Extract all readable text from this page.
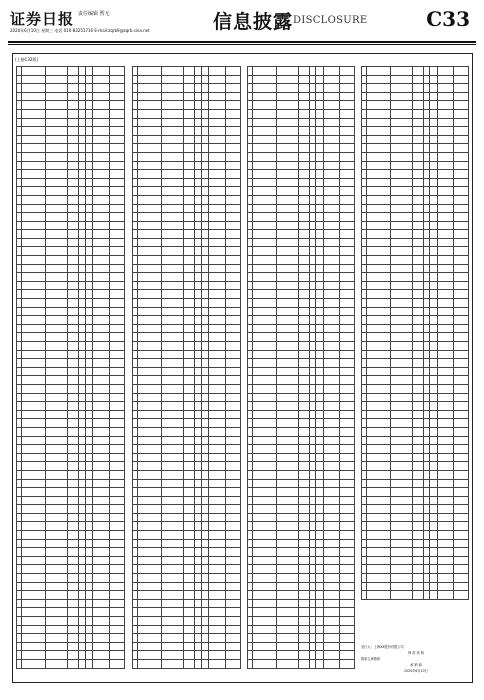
证券日报 责任编辑 暂无
2020年6月10日 星期三 电话 010-83251716 E-mail:zqrb9@zqrb.sina.net	信息披露 DISCLOSURE	C33
(上接C32版)

发行人：上海XX股份有限公司
保 荐 机 构
联席主承销商
承 销 商
2020年6月10日
